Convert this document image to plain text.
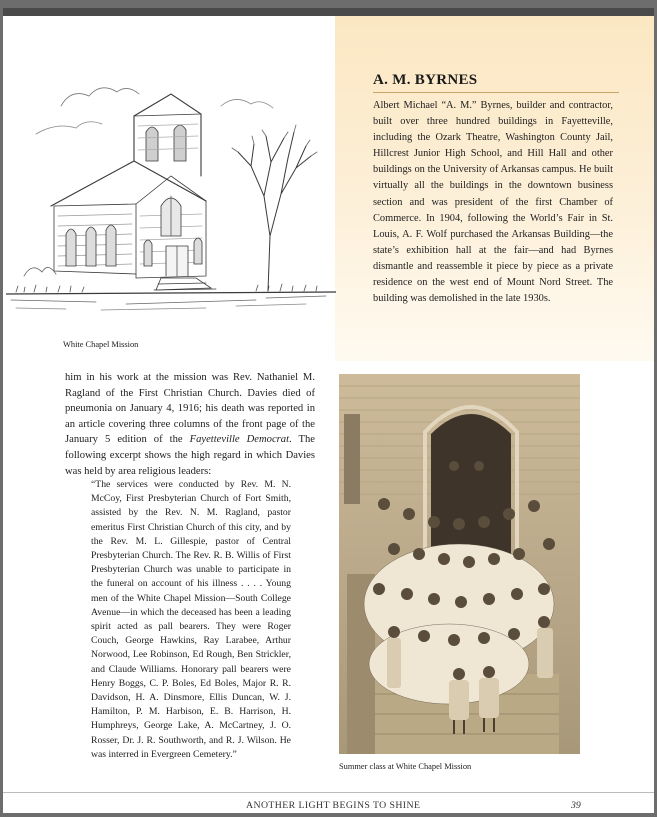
A. M. BYRNES

Albert Michael “A. M.” Byrnes, builder and contractor, built over three hundred buildings in Fayetteville, including the Ozark Theatre, Washington County Jail, Hillcrest Junior High School, and Hill Hall and other buildings on the University of Arkansas campus. He built virtually all the buildings in the downtown business section and was president of the first Chamber of Commerce. In 1904, following the World’s Fair in St. Louis, A. F. Wolf purchased the Arkansas Building—the state’s exhibition hall at the fair—and had Byrnes dismantle and reassemble it piece by piece as a private residence on the west end of Mount Nord Street. The building was demolished in the late 1930s.

White Chapel Mission

him in his work at the mission was Rev. Nathaniel M. Ragland of the First Christian Church. Davies died of pneumonia on January 4, 1916; his death was reported in an article covering three columns of the front page of the January 5 edition of the Fayetteville Democrat. The following excerpt shows the high regard in which Davies was held by area religious leaders:

“The services were conducted by Rev. M. N. McCoy, First Presbyterian Church of Fort Smith, assisted by the Rev. N. M. Ragland, pastor emeritus First Christian Church of this city, and by the Rev. M. L. Gillespie, pastor of Central Presbyterian Church. The Rev. R. B. Willis of First Presbyterian Church was unable to participate in the funeral on account of his illness . . . . Young men of the White Chapel Mission—South College Avenue—in which the deceased has been a leading spirit acted as pall bearers. They were Roger Couch, George Hawkins, Ray Larabee, Arthur Norwood, Lee Robinson, Ed Rough, Ben Strickler, and Claude Williams. Honorary pall bearers were Henry Boggs, C. P. Boles, Ed Boles, Major R. R. Davidson, H. A. Dinsmore, Ellis Duncan, W. J. Hamilton, P. M. Harbison, E. B. Harrison, H. Humphreys, George Lake, A. McCartney, J. O. Rosser, Dr. J. R. Southworth, and R. J. Wilson. He was interred in Evergreen Cemetery.”

Summer class at White Chapel Mission
ANOTHER LIGHT BEGINS TO SHINE	39
